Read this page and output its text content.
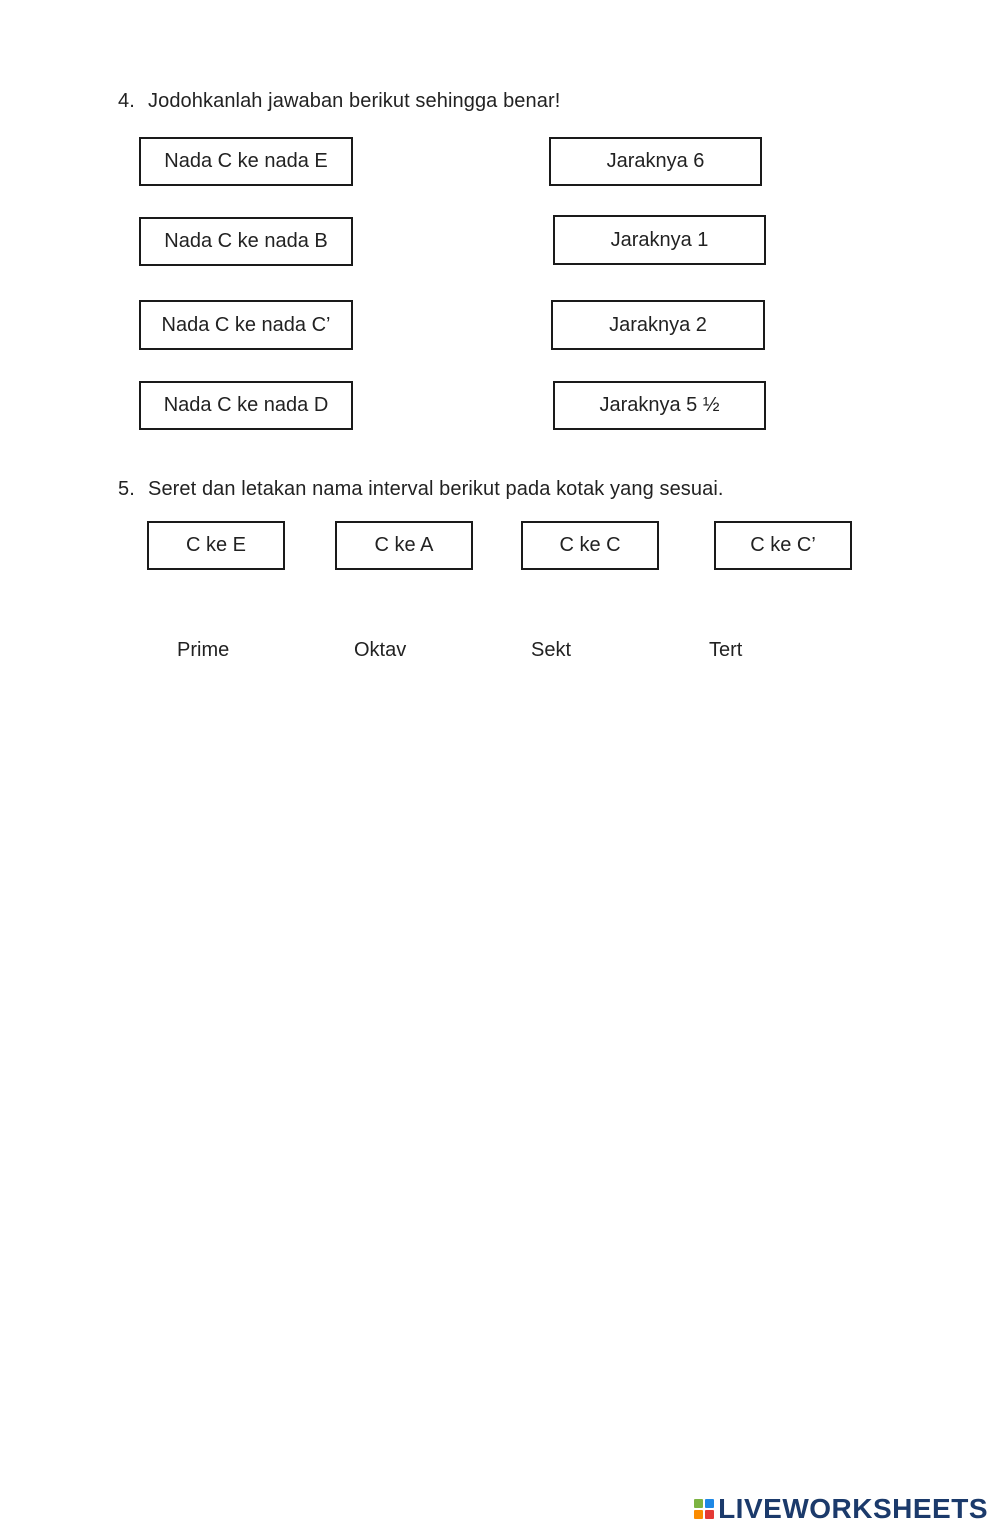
4. Jodohkanlah jawaban berikut sehingga benar!
Nada C ke nada E
Nada C ke nada B
Nada C ke nada C’
Nada C ke nada D
Jaraknya 6
Jaraknya 1
Jaraknya 2
Jaraknya 5 ½
5. Seret dan letakan nama interval berikut pada kotak yang sesuai.
C ke E	C ke A	C ke C	C ke C’
Prime	Oktav	Sekt	Tert
LIVEWORKSHEETS
